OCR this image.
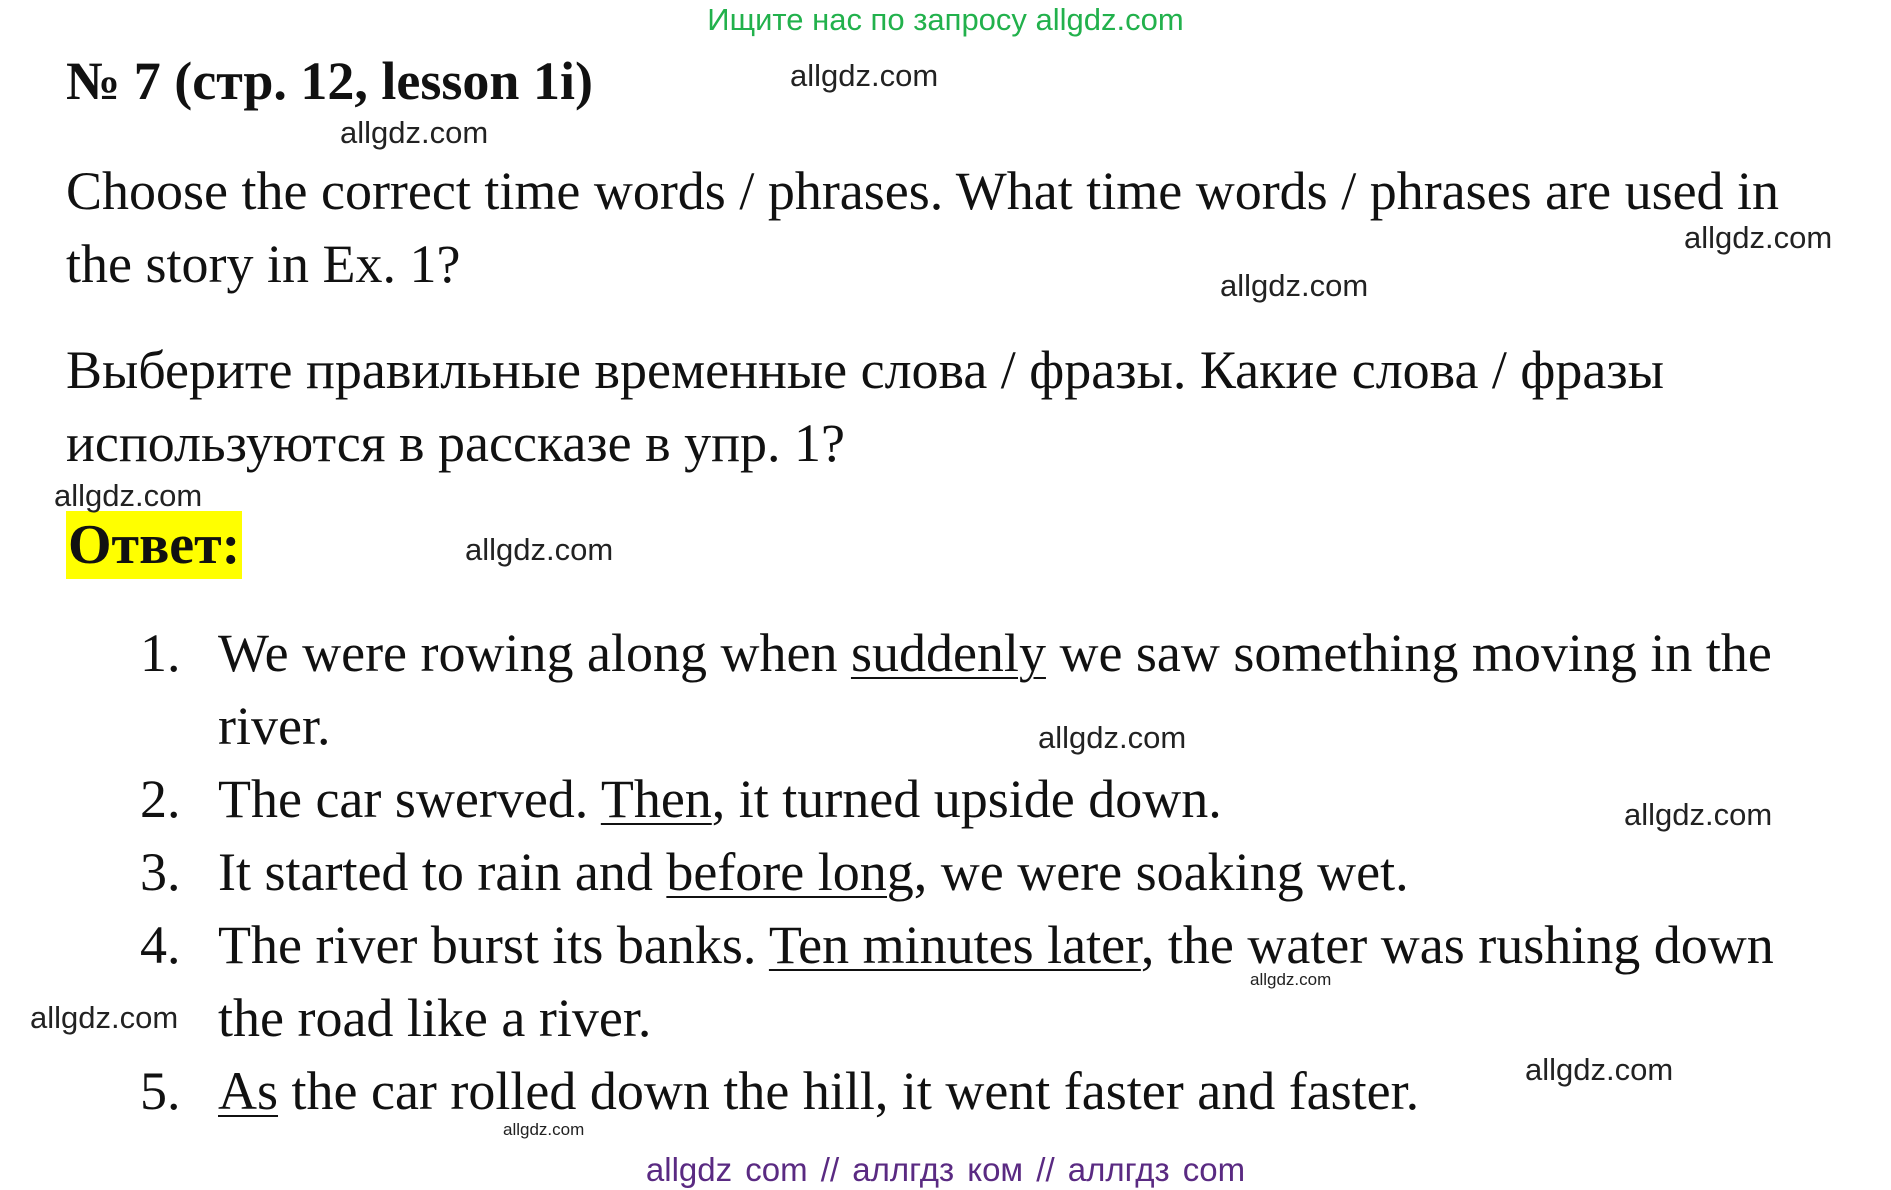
Ищите нас по запросу allgdz.com
№ 7 (стр. 12, lesson 1i)
Choose the correct time words / phrases. What time words / phrases are used in the story in Ex. 1?
Выберите правильные временные слова / фразы. Какие слова / фразы используются в рассказе в упр. 1?
Ответ:
1. We were rowing along when suddenly we saw something moving in the river.
2. The car swerved. Then, it turned upside down.
3. It started to rain and before long, we were soaking wet.
4. The river burst its banks. Ten minutes later, the water was rushing down the road like a river.
5. As the car rolled down the hill, it went faster and faster.
allgdz.com
allgdz.com
allgdz.com
allgdz.com
allgdz.com
allgdz.com
allgdz.com
allgdz.com
allgdz.com
allgdz.com
allgdz.com
allgdz.com
allgdz com // аллгдз ком // аллгдз com
